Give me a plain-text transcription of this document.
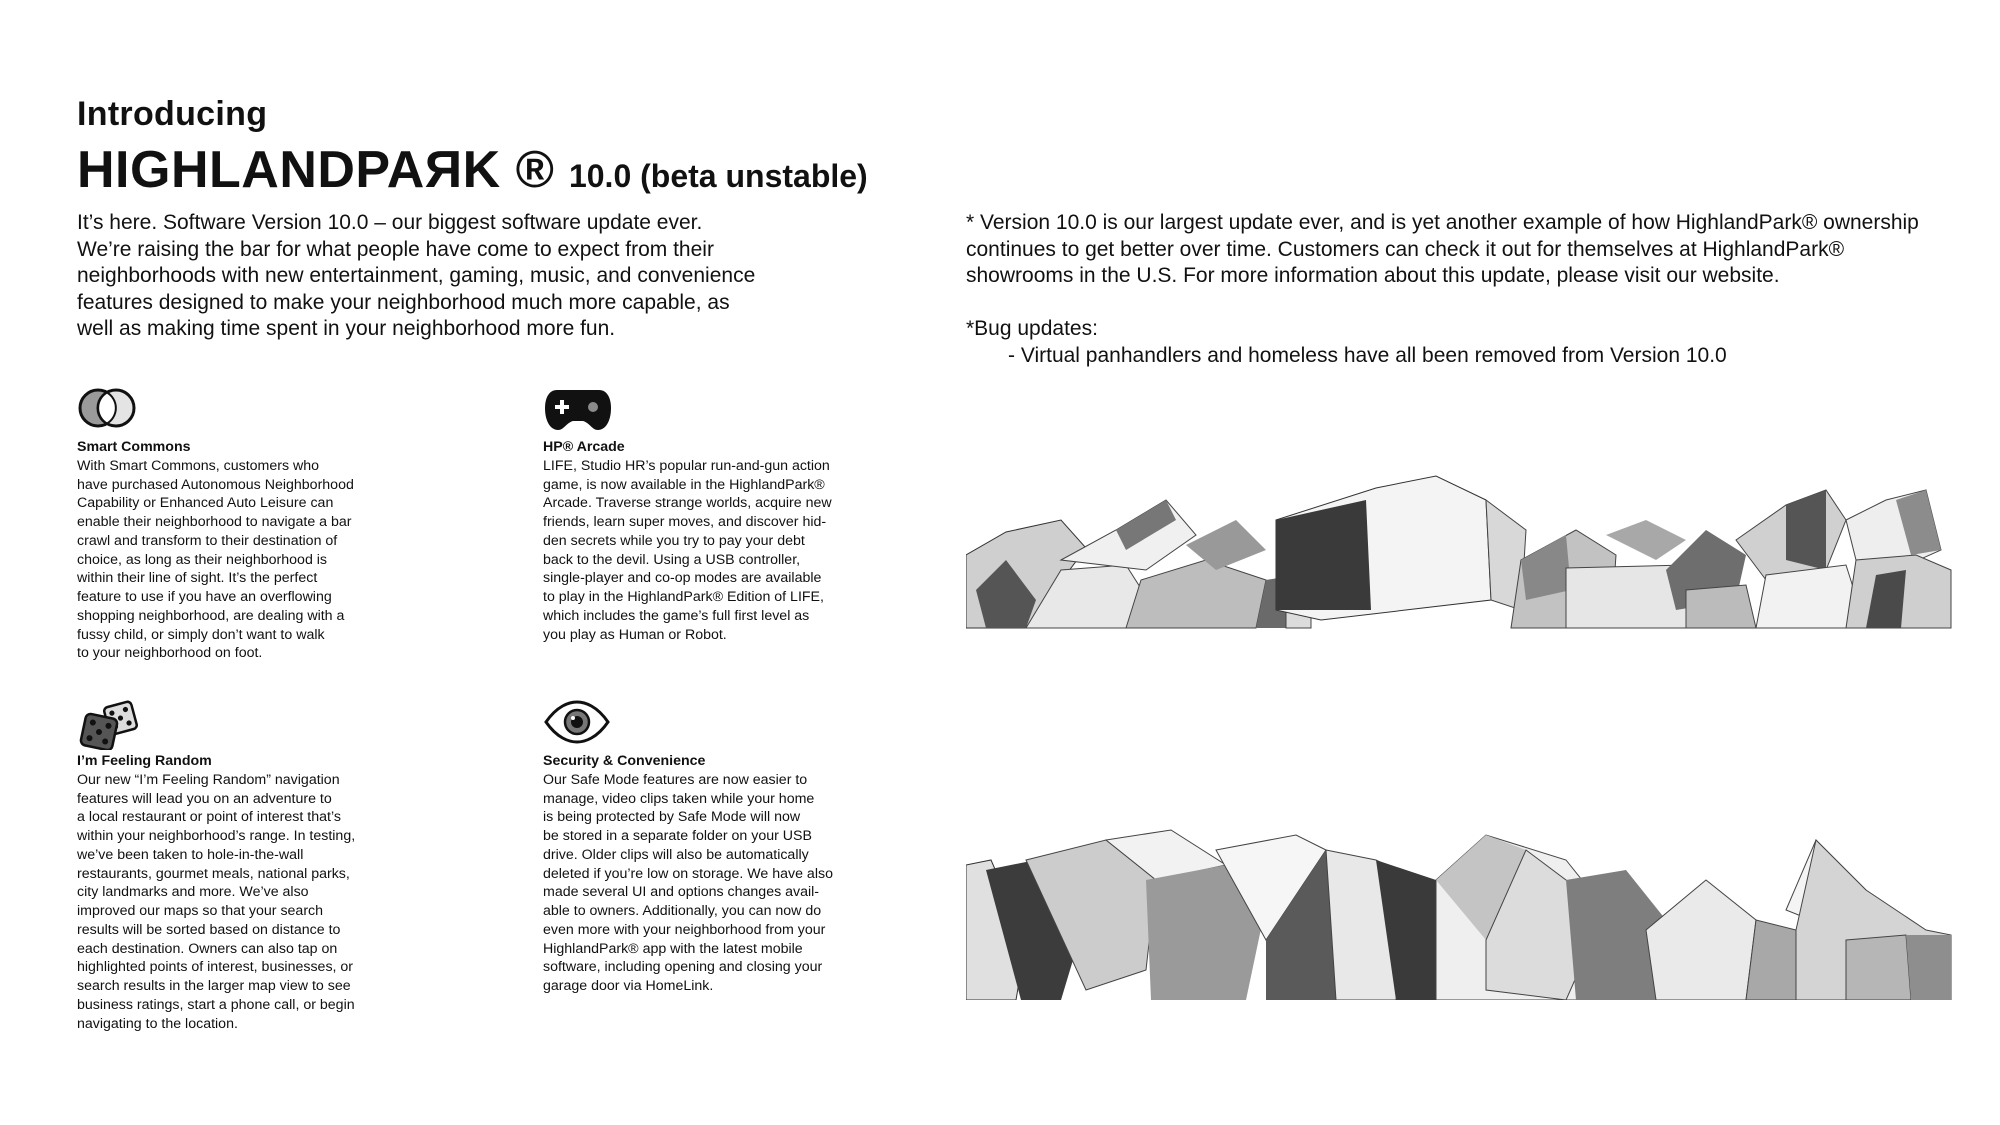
Introducing
HIGHLANDPAЯK ® 10.0 (beta unstable)

It’s here. Software Version 10.0 – our biggest software update ever.

We’re raising the bar for what people have come to expect from their

neighborhoods with new entertainment, gaming, music, and convenience

features designed to make your neighborhood much more capable, as

well as making time spent in your neighborhood more fun.

* Version 10.0 is our largest update ever, and is yet another example of how HighlandPark® ownership

continues to get better over time. Customers can check it out for themselves at HighlandPark®

showrooms in the U.S. For more information about this update, please visit our website.

*Bug updates:

- Virtual panhandlers and homeless have all been removed from Version 10.0

Smart Commons
With Smart Commons, customers who
have purchased Autonomous Neighborhood
Capability or Enhanced Auto Leisure can
enable their neighborhood to navigate a bar
crawl and transform to their destination of
choice, as long as their neighborhood is
within their line of sight. It’s the perfect
feature to use if you have an overflowing
shopping neighborhood, are dealing with a
fussy child, or simply don’t want to walk
to your neighborhood on foot.
HP® Arcade
LIFE, Studio HR’s popular run-and-gun action
game, is now available in the HighlandPark®
Arcade. Traverse strange worlds, acquire new
friends, learn super moves, and discover hid-
den secrets while you try to pay your debt
back to the devil. Using a USB controller,
single-player and co-op modes are available
to play in the HighlandPark® Edition of LIFE,
which includes the game’s full first level as
you play as Human or Robot.
I’m Feeling Random
Our new “I’m Feeling Random” navigation
features will lead you on an adventure to
a local restaurant or point of interest that’s
within your neighborhood’s range. In testing,
we’ve been taken to hole-in-the-wall
restaurants, gourmet meals, national parks,
city landmarks and more. We’ve also
improved our maps so that your search
results will be sorted based on distance to
each destination. Owners can also tap on
highlighted points of interest, businesses, or
search results in the larger map view to see
business ratings, start a phone call, or begin
navigating to the location.
Security & Convenience
Our Safe Mode features are now easier to
manage, video clips taken while your home
is being protected by Safe Mode will now
be stored in a separate folder on your USB
drive. Older clips will also be automatically
deleted if you’re low on storage. We have also
made several UI and options changes avail-
able to owners. Additionally, you can now do
even more with your neighborhood from your
HighlandPark® app with the latest mobile
software, including opening and closing your
garage door via HomeLink.
